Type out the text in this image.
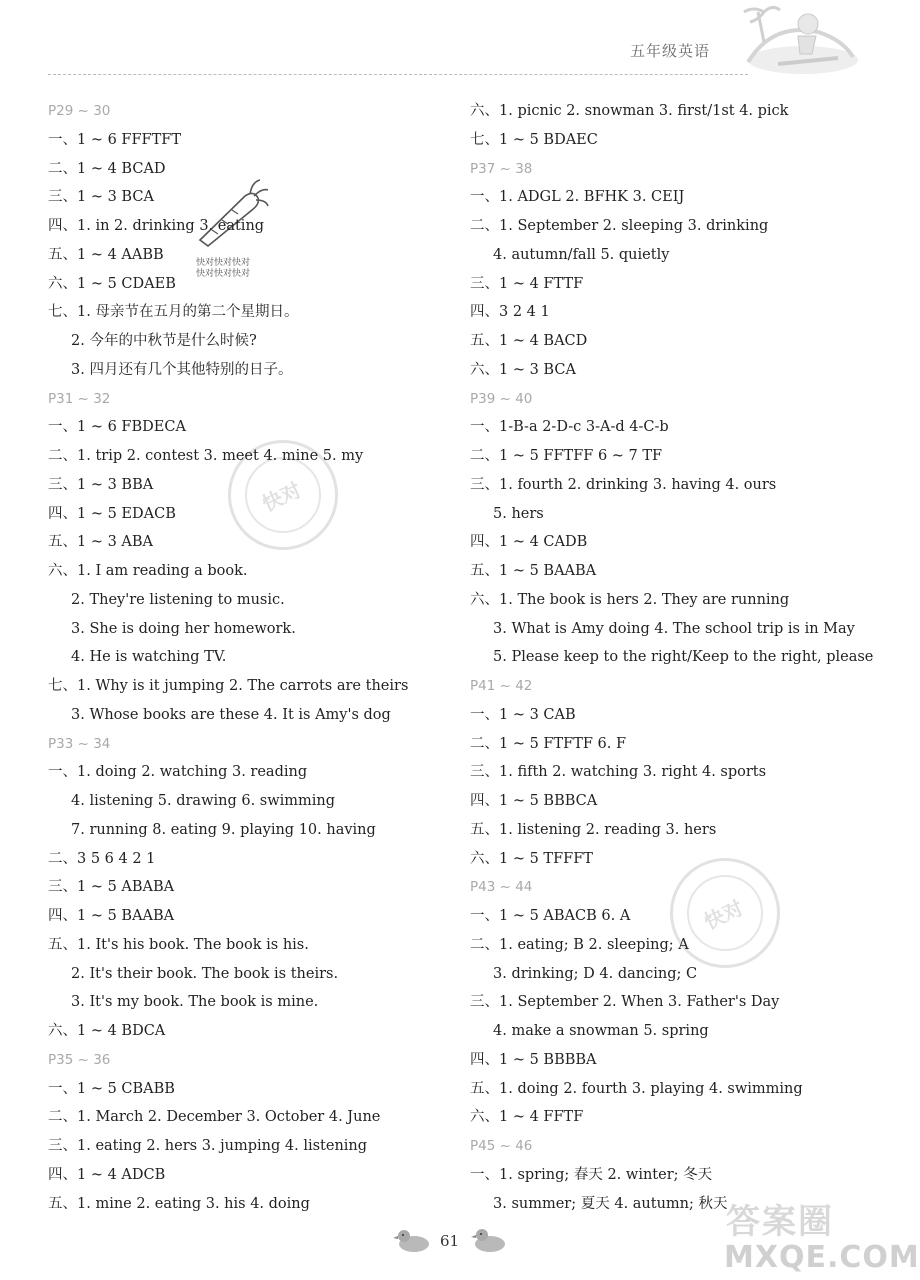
五年级英语
快对
快对
快对快对快对
快对快对快对
P29 ~ 30
一、1 ~ 6 FFFTFT
二、1 ~ 4 BCAD
三、1 ~ 3 BCA
四、1. in 2. drinking 3. eating
五、1 ~ 4 AABB
六、1 ~ 5 CDAEB
七、1. 母亲节在五月的第二个星期日。
2. 今年的中秋节是什么时候?
3. 四月还有几个其他特别的日子。
P31 ~ 32
一、1 ~ 6 FBDECA
二、1. trip 2. contest 3. meet 4. mine 5. my
三、1 ~ 3 BBA
四、1 ~ 5 EDACB
五、1 ~ 3 ABA
六、1. I am reading a book.
2. They're listening to music.
3. She is doing her homework.
4. He is watching TV.
七、1. Why is it jumping 2. The carrots are theirs
3. Whose books are these 4. It is Amy's dog
P33 ~ 34
一、1. doing 2. watching 3. reading
4. listening 5. drawing 6. swimming
7. running 8. eating 9. playing 10. having
二、3 5 6 4 2 1
三、1 ~ 5 ABABA
四、1 ~ 5 BAABA
五、1. It's his book. The book is his.
2. It's their book. The book is theirs.
3. It's my book. The book is mine.
六、1 ~ 4 BDCA
P35 ~ 36
一、1 ~ 5 CBABB
二、1. March 2. December 3. October 4. June
三、1. eating 2. hers 3. jumping 4. listening
四、1 ~ 4 ADCB
五、1. mine 2. eating 3. his 4. doing
六、1. picnic 2. snowman 3. first/1st 4. pick
七、1 ~ 5 BDAEC
P37 ~ 38
一、1. ADGL 2. BFHK 3. CEIJ
二、1. September 2. sleeping 3. drinking
4. autumn/fall 5. quietly
三、1 ~ 4 FTTF
四、3 2 4 1
五、1 ~ 4 BACD
六、1 ~ 3 BCA
P39 ~ 40
一、1-B-a 2-D-c 3-A-d 4-C-b
二、1 ~ 5 FFTFF 6 ~ 7 TF
三、1. fourth 2. drinking 3. having 4. ours
5. hers
四、1 ~ 4 CADB
五、1 ~ 5 BAABA
六、1. The book is hers 2. They are running
3. What is Amy doing 4. The school trip is in May
5. Please keep to the right/Keep to the right, please
P41 ~ 42
一、1 ~ 3 CAB
二、1 ~ 5 FTFTF 6. F
三、1. fifth 2. watching 3. right 4. sports
四、1 ~ 5 BBBCA
五、1. listening 2. reading 3. hers
六、1 ~ 5 TFFFT
P43 ~ 44
一、1 ~ 5 ABACB 6. A
二、1. eating; B 2. sleeping; A
3. drinking; D 4. dancing; C
三、1. September 2. When 3. Father's Day
4. make a snowman 5. spring
四、1 ~ 5 BBBBA
五、1. doing 2. fourth 3. playing 4. swimming
六、1 ~ 4 FFTF
P45 ~ 46
一、1. spring; 春天 2. winter; 冬天
3. summer; 夏天 4. autumn; 秋天
61	答案圈
MXQE.COM
